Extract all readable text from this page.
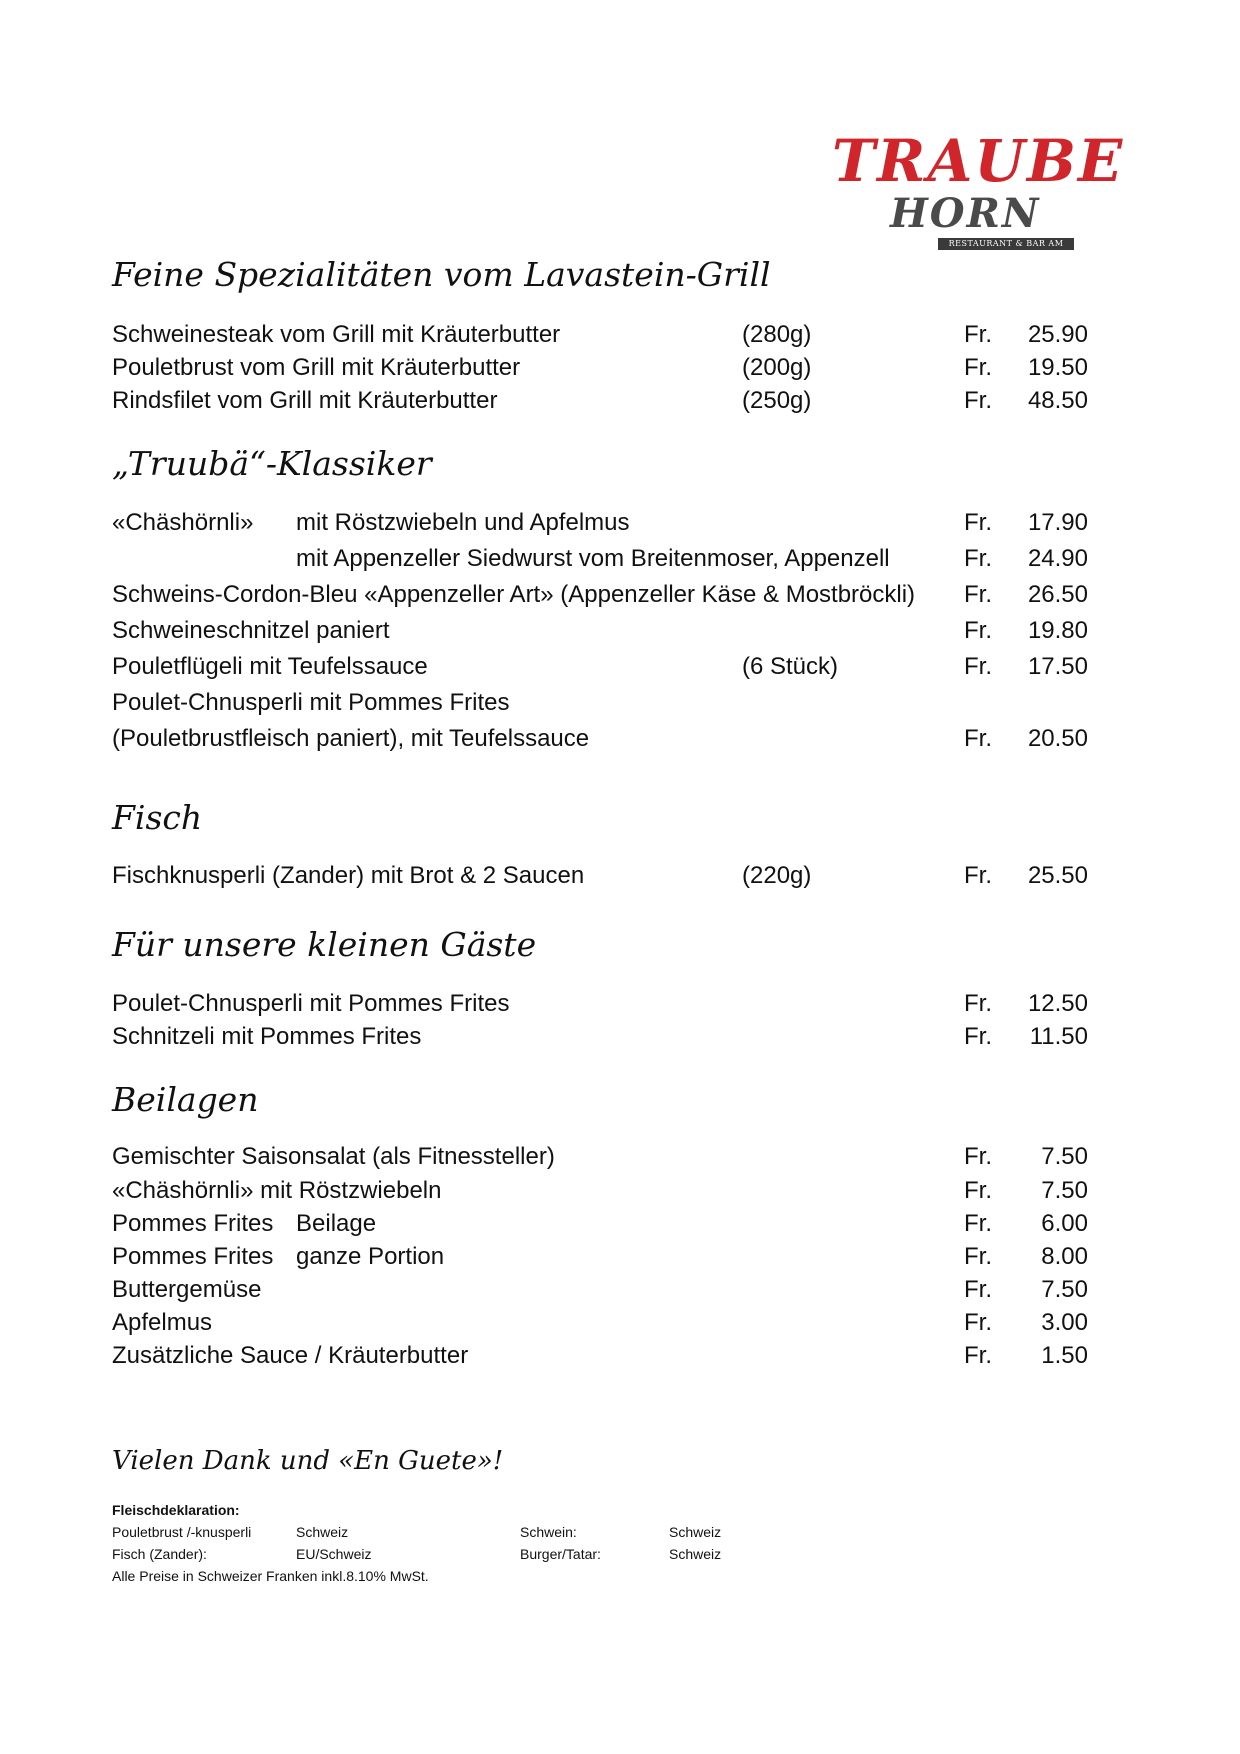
TRAUBE
HORN
RESTAURANT & BAR AM SEE
Feine Spezialitäten vom Lavastein-Grill
Schweinesteak vom Grill mit Kräuterbutter	(280g)	Fr. 25.90
Pouletbrust vom Grill mit Kräuterbutter	(200g)	Fr. 19.50
Rindsfilet vom Grill mit Kräuterbutter	(250g)	Fr. 48.50
„Truubä“-Klassiker
«Chäshörnli» mit Röstzwiebeln und Apfelmus	Fr. 17.90
mit Appenzeller Siedwurst vom Breitenmoser, Appenzell	Fr. 24.90
Schweins-Cordon-Bleu «Appenzeller Art» (Appenzeller Käse & Mostbröckli) Fr. 26.50
Schweineschnitzel paniert	Fr. 19.80
Pouletflügeli mit Teufelssauce	(6 Stück)	Fr. 17.50
Poulet-Chnusperli mit Pommes Frites
(Pouletbrustfleisch paniert), mit Teufelssauce	Fr. 20.50
Fisch
Fischknusperli (Zander) mit Brot & 2 Saucen	(220g)	Fr. 25.50
Für unsere kleinen Gäste
Poulet-Chnusperli mit Pommes Frites	Fr. 12.50
Schnitzeli mit Pommes Frites	Fr. 11.50
Beilagen
Gemischter Saisonsalat (als Fitnessteller)	Fr. 7.50
«Chäshörnli» mit Röstzwiebeln	Fr. 7.50
Pommes Frites Beilage	Fr. 6.00
Pommes Frites ganze Portion	Fr. 8.00
Buttergemüse	Fr. 7.50
Apfelmus	Fr. 3.00
Zusätzliche Sauce / Kräuterbutter	Fr. 1.50
Vielen Dank und «En Guete»!
Fleischdeklaration:
Pouletbrust /-knusperli	Schweiz	Schwein:	Schweiz
Fisch (Zander):	EU/Schweiz	Burger/Tatar:	Schweiz
Alle Preise in Schweizer Franken inkl.8.10% MwSt.
